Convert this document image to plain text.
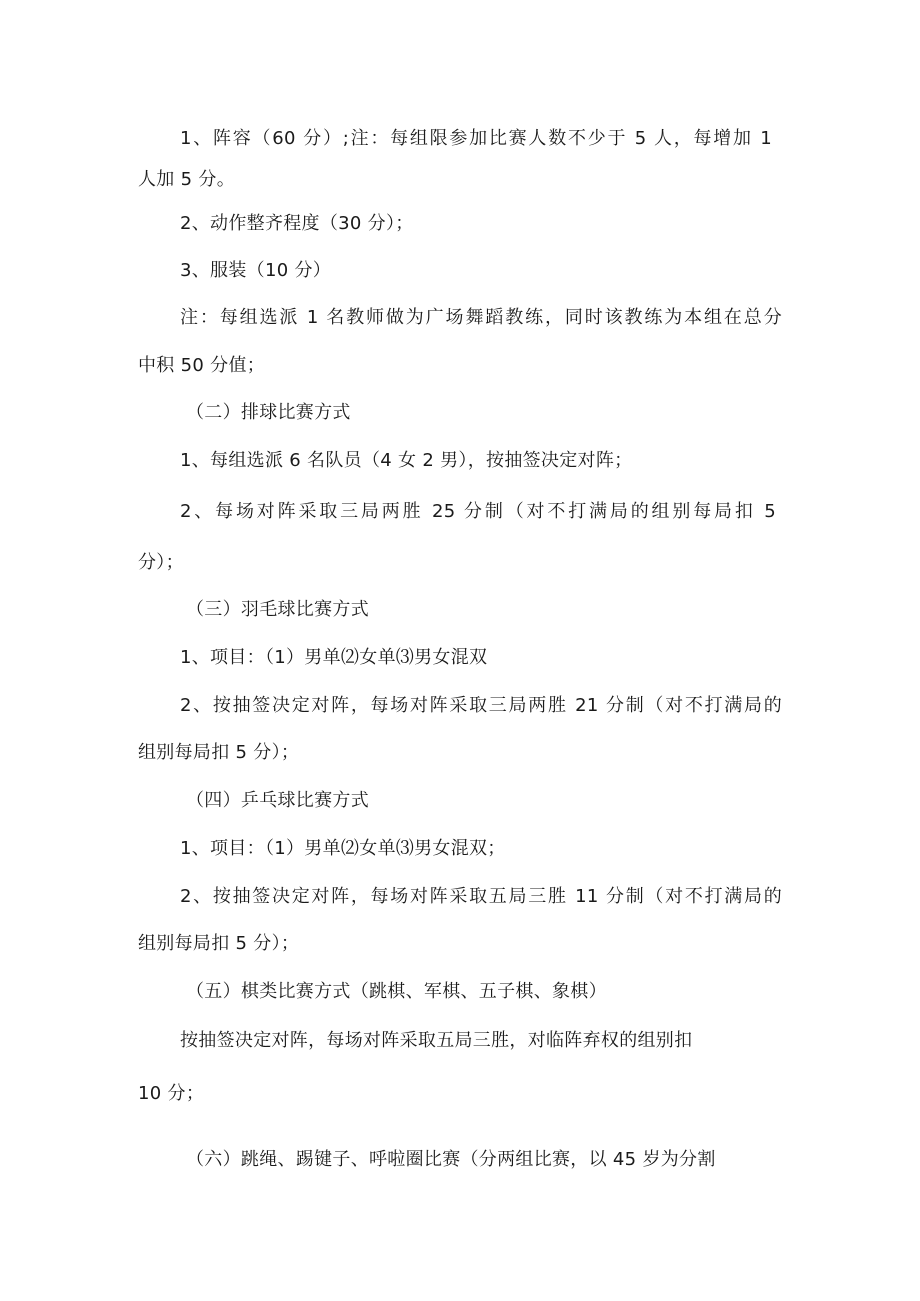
1、阵容（60 分）;注：每组限参加比赛人数不少于 5 人，每增加 1
人加 5 分。
2、动作整齐程度（30 分）；
3、服装（10 分）
注：每组选派 1 名教师做为广场舞蹈教练，同时该教练为本组在总分
中积 50 分值；
（二）排球比赛方式
1、每组选派 6 名队员（4 女 2 男），按抽签决定对阵；
2、每场对阵采取三局两胜 25 分制（对不打满局的组别每局扣 5
分）；
（三）羽毛球比赛方式
1、项目：（1）男单⑵女单⑶男女混双
2、按抽签决定对阵，每场对阵采取三局两胜 21 分制（对不打满局的
组别每局扣 5 分）；
（四）乒乓球比赛方式
1、项目：（1）男单⑵女单⑶男女混双；
2、按抽签决定对阵，每场对阵采取五局三胜 11 分制（对不打满局的
组别每局扣 5 分）；
（五）棋类比赛方式（跳棋、军棋、五子棋、象棋）
按抽签决定对阵，每场对阵采取五局三胜，对临阵弃权的组别扣
10 分；
（六）跳绳、踢键子、呼啦圈比赛（分两组比赛，以 45 岁为分割
